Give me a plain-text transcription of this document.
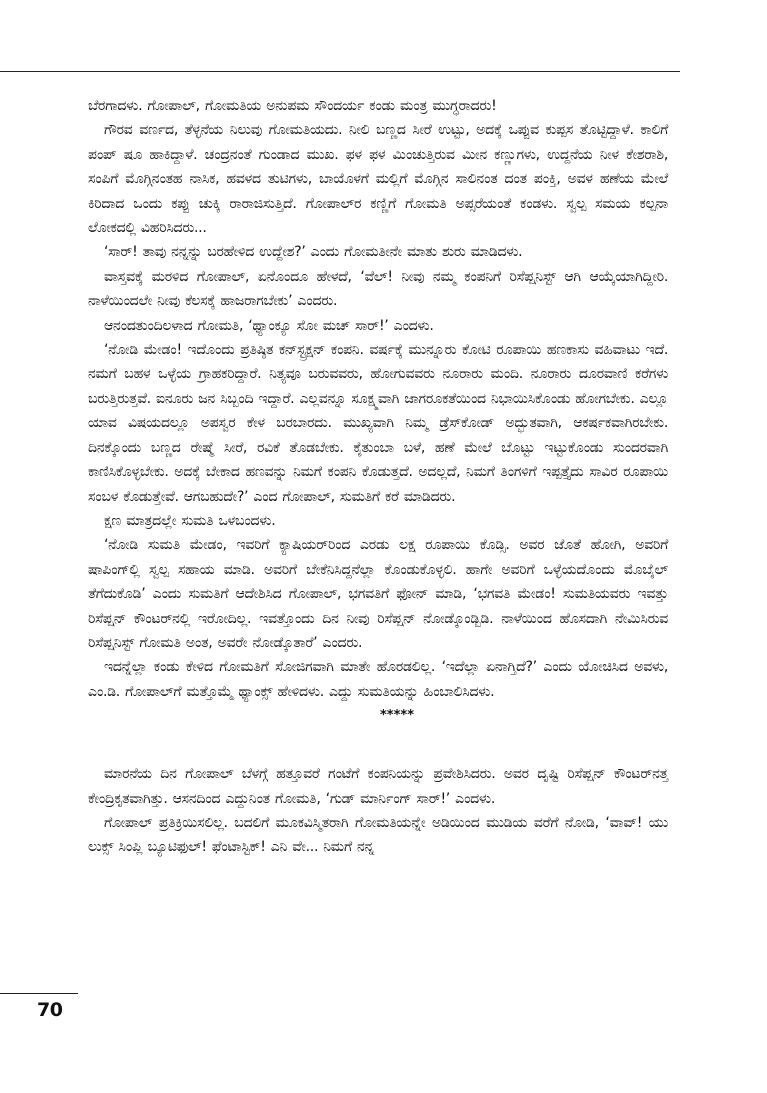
ಬೆರಗಾದಳು. ಗೋಪಾಲ್, ಗೋಮತಿಯ ಅನುಪಮ ಸೌಂದರ್ಯ ಕಂಡು ಮಂತ್ರ ಮುಗ್ಧರಾದರು!

ಗೌರವ ವರ್ಣದ, ತೆಳ್ಳನೆಯ ನಿಲುವು ಗೋಮತಿಯದು. ನೀಲಿ ಬಣ್ಣದ ಸೀರೆ ಉಟ್ಟು, ಅದಕ್ಕೆ ಒಪ್ಪುವ ಕುಪ್ಪಸ ತೊಟ್ಟಿದ್ದಾಳೆ. ಕಾಲಿಗೆ ಪಂಪ್ ಷೂ ಹಾಕಿದ್ದಾಳೆ. ಚಂದ್ರನಂತೆ ಗುಂಡಾದ ಮುಖ. ಫಳ ಫಳ ಮಿಂಚುತ್ತಿರುವ ಮೀನ ಕಣ್ಣುಗಳು, ಉದ್ದನೆಯ ನೀಳ ಕೇಶರಾಶಿ, ಸಂಪಿಗೆ ಮೊಗ್ಗಿನಂತಹ ನಾಸಿಕ, ಹವಳದ ತುಟಿಗಳು, ಬಾಯೊಳಗೆ ಮಲ್ಲಿಗೆ ಮೊಗ್ಗಿನ ಸಾಲಿನಂತ ದಂತ ಪಂಕ್ತಿ, ಅವಳ ಹಣೆಯ ಮೇಲೆ ಕಿರಿದಾದ ಒಂದು ಕಪ್ಪು ಚುಕ್ಕಿ ರಾರಾಜಿಸುತ್ತಿದೆ. ಗೋಪಾಲ್‌ರ ಕಣ್ಣಿಗೆ ಗೋಮತಿ ಅಪ್ಸರೆಯಂತೆ ಕಂಡಳು. ಸ್ವಲ್ಪ ಸಮಯ ಕಲ್ಪನಾ ಲೋಕದಲ್ಲಿ ವಿಹರಿಸಿದರು...

‘ಸಾರ್! ತಾವು ನನ್ನನ್ನು ಬರಹೇಳಿದ ಉದ್ದೇಶ?’ ಎಂದು ಗೋಮತೀನೇ ಮಾತು ಶುರು ಮಾಡಿದಳು.

ವಾಸ್ತವಕ್ಕೆ ಮರಳಿದ ಗೋಪಾಲ್, ಏನೊಂದೂ ಹೇಳದೆ, ‘ವೆಲ್! ನೀವು ನಮ್ಮ ಕಂಪನಿಗೆ ರಿಸೆಪ್ಷನಿಸ್ಟ್ ಆಗಿ ಆಯ್ಕೆಯಾಗಿದ್ದೀರಿ. ನಾಳೆಯಿಂದಲೇ ನೀವು ಕೆಲಸಕ್ಕೆ ಹಾಜರಾಗಬೇಕು’ ಎಂದರು.

ಆನಂದತುಂದಿಲಳಾದ ಗೋಮತಿ, ‘ಥ್ಯಾಂಕ್ಯೂ ಸೋ ಮಚ್ ಸಾರ್!’ ಎಂದಳು.

‘ನೋಡಿ ಮೇಡಂ! ಇದೊಂದು ಪ್ರತಿಷ್ಠಿತ ಕನ್‌ಸ್ಟ್ರಕ್ಷನ್ ಕಂಪನಿ. ವರ್ಷಕ್ಕೆ ಮುನ್ನೂರು ಕೋಟಿ ರೂಪಾಯಿ ಹಣಕಾಸು ವಹಿವಾಟು ಇದೆ. ನಮಗೆ ಬಹಳ ಒಳ್ಳೆಯ ಗ್ರಾಹಕರಿದ್ದಾರೆ. ನಿತ್ಯವೂ ಬರುವವರು, ಹೋಗುವವರು ನೂರಾರು ಮಂದಿ. ನೂರಾರು ದೂರವಾಣಿ ಕರೆಗಳು ಬರುತ್ತಿರುತ್ತವೆ. ಐನೂರು ಜನ ಸಿಬ್ಬಂದಿ ಇದ್ದಾರೆ. ಎಲ್ಲವನ್ನೂ ಸೂಕ್ಷ್ಮವಾಗಿ ಜಾಗರೂಕತೆಯಿಂದ ನಿಭಾಯಿಸಿಕೊಂಡು ಹೋಗಬೇಕು. ಎಲ್ಲೂ ಯಾವ ವಿಷಯದಲ್ಲೂ ಅಪಸ್ವರ ಕೇಳ ಬರಬಾರದು. ಮುಖ್ಯವಾಗಿ ನಿಮ್ಮ ಡ್ರೆಸ್‌ಕೋಡ್ ಅದ್ಭುತವಾಗಿ, ಆಕರ್ಷಕವಾಗಿರಬೇಕು. ದಿನಕ್ಕೊಂದು ಬಣ್ಣದ ರೇಷ್ಮೆ ಸೀರೆ, ರವಿಕೆ ತೊಡಬೇಕು. ಕೈತುಂಬಾ ಬಳೆ, ಹಣೆ ಮೇಲೆ ಬೊಟ್ಟು ಇಟ್ಟುಕೊಂಡು ಸುಂದರವಾಗಿ ಕಾಣಿಸಿಕೊಳ್ಳಬೇಕು. ಅದಕ್ಕೆ ಬೇಕಾದ ಹಣವನ್ನು ನಿಮಗೆ ಕಂಪನಿ ಕೊಡುತ್ತದೆ. ಅದಲ್ಲದೆ, ನಿಮಗೆ ತಿಂಗಳಿಗೆ ಇಪ್ಪತ್ತೈದು ಸಾವಿರ ರೂಪಾಯಿ ಸಂಬಳ ಕೊಡುತ್ತೇವೆ. ಆಗಬಹುದೇ?’ ಎಂದ ಗೋಪಾಲ್, ಸುಮತಿಗೆ ಕರೆ ಮಾಡಿದರು.

ಕ್ಷಣ ಮಾತ್ರದಲ್ಲೇ ಸುಮತಿ ಒಳಬಂದಳು.

‘ನೋಡಿ ಸುಮತಿ ಮೇಡಂ, ಇವರಿಗೆ ಕ್ಯಾಷಿಯರ್‌ರಿಂದ ಎರಡು ಲಕ್ಷ ರೂಪಾಯಿ ಕೊಡ್ಸಿ. ಅವರ ಜೊತೆ ಹೋಗಿ, ಅವರಿಗೆ ಷಾಪಿಂಗ್‌ಲ್ಲಿ ಸ್ವಲ್ಪ ಸಹಾಯ ಮಾಡಿ. ಅವರಿಗೆ ಬೇಕೆನಿಸಿದ್ದನೆಲ್ಲಾ ಕೊಂಡುಕೊಳ್ಳಲಿ. ಹಾಗೇ ಅವರಿಗೆ ಒಳ್ಳೆಯದೊಂದು ಮೊಬೈಲ್ ತೆಗೆದುಕೊಡಿ’ ಎಂದು ಸುಮತಿಗೆ ಆದೇಶಿಸಿದ ಗೋಪಾಲ್, ಭಗವತಿಗೆ ಫೋನ್ ಮಾಡಿ, ‘ಭಗವತಿ ಮೇಡಂ! ಸುಮತಿಯವರು ಇವತ್ತು ರಿಸೆಪ್ಷನ್ ಕೌಂಟರ್‌ನಲ್ಲಿ ಇರೋದಿಲ್ಲ. ಇವತ್ತೊಂದು ದಿನ ನೀವು ರಿಸೆಪ್ಷನ್ ನೋಡ್ಕೊಂಡ್ಬಿಡಿ. ನಾಳೆಯಿಂದ ಹೊಸದಾಗಿ ನೇಮಿಸಿರುವ ರಿಸೆಪ್ಷನಿಸ್ಟ್ ಗೋಮತಿ ಅಂತ, ಅವರೇ ನೋಡ್ಕೊತಾರೆ’ ಎಂದರು.

ಇದನ್ನೆಲ್ಲಾ ಕಂಡು ಕೇಳಿದ ಗೋಮತಿಗೆ ಸೋಜಿಗವಾಗಿ ಮಾತೇ ಹೊರಡಲಿಲ್ಲ. ‘ಇದೆಲ್ಲಾ ಏನಾಗ್ತಿದೆ?’ ಎಂದು ಯೋಚಿಸಿದ ಅವಳು, ಎಂ.ಡಿ. ಗೋಪಾಲ್‌ಗೆ ಮತ್ತೊಮ್ಮೆ ಥ್ಯಾಂಕ್ಸ್ ಹೇಳಿದಳು. ಎದ್ದು ಸುಮತಿಯನ್ನು ಹಿಂಬಾಲಿಸಿದಳು.

*****

ಮಾರನೆಯ ದಿನ ಗೋಪಾಲ್ ಬೆಳಗ್ಗೆ ಹತ್ತೂವರೆ ಗಂಟೆಗೆ ಕಂಪನಿಯನ್ನು ಪ್ರವೇಶಿಸಿದರು. ಅವರ ದೃಷ್ಟಿ ರಿಸೆಪ್ಷನ್ ಕೌಂಟರ್‌ನತ್ತ ಕೇಂದ್ರಿಕೃತವಾಗಿತ್ತು. ಆಸನದಿಂದ ಎದ್ದುನಿಂತ ಗೋಮತಿ, ‘ಗುಡ್ ಮಾರ್ನಿಂಗ್ ಸಾರ್!’ ಎಂದಳು.

ಗೋಪಾಲ್ ಪ್ರತಿಕ್ರಿಯಿಸಲಿಲ್ಲ. ಬದಲಿಗೆ ಮೂಕವಿಸ್ಮಿತರಾಗಿ ಗೋಮತಿಯನ್ನೇ ಅಡಿಯಿಂದ ಮುಡಿಯ ವರೆಗೆ ನೋಡಿ, ‘ವಾವ್! ಯು ಲುಕ್ಸ್ ಸಿಂಪ್ಲಿ ಬ್ಯೂಟಿಫುಲ್! ಫೆಂಟಾಸ್ಟಿಕ್! ಎನಿ ವೇ... ನಿಮಗೆ ನನ್ನ

70
